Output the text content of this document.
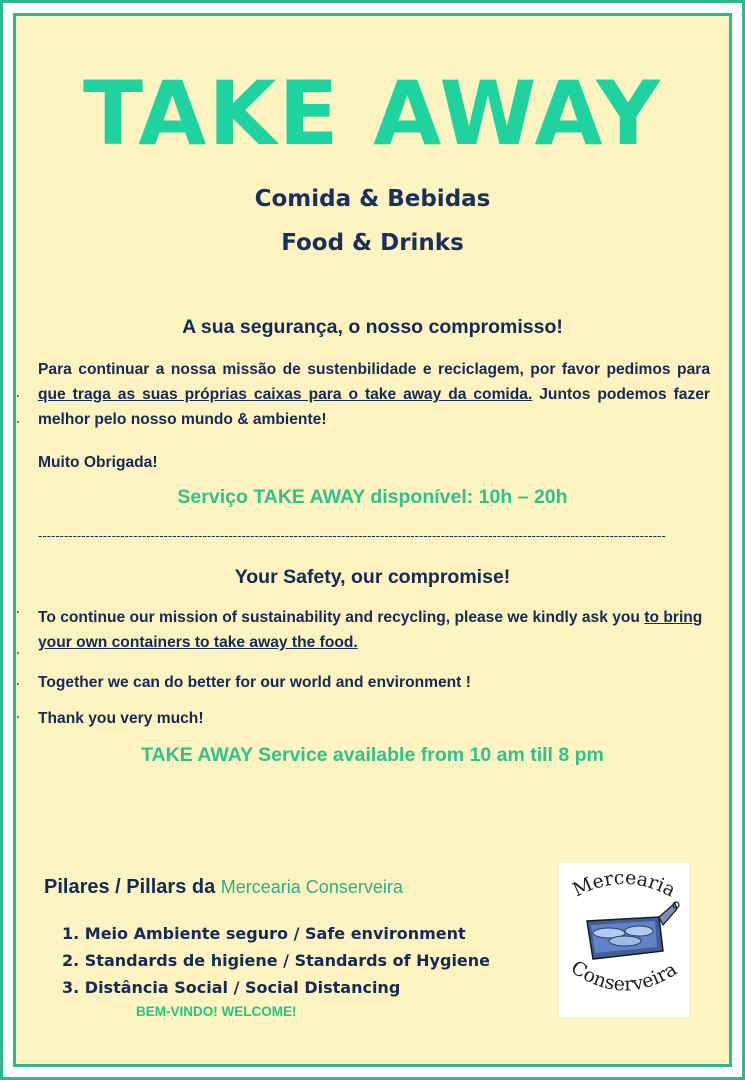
TAKE AWAY
Comida & Bebidas
Food & Drinks
A sua segurança, o nosso compromisso!
Para continuar a nossa missão de sustenbilidade e reciclagem, por favor pedimos para que traga as suas próprias caixas para o take away da comida. Juntos podemos fazer melhor pelo nosso mundo & ambiente!
Muito Obrigada!
Serviço TAKE AWAY disponível: 10h – 20h
-------------------------------------------------------------------------------------------------------------------------------------------------
Your Safety, our compromise!
To continue our mission of sustainability and recycling, please we kindly ask you to bring your own containers to take away the food.
Together we can do better for our world and environment !
Thank you very much!
TAKE AWAY Service available from 10 am till 8 pm
Pilares / Pillars da Mercearia Conserveira
1. Meio Ambiente seguro / Safe environment
2. Standards de higiene / Standards of Hygiene
3. Distância Social / Social Distancing
BEM-VINDO! WELCOME!
Mercearia
Conserveira
